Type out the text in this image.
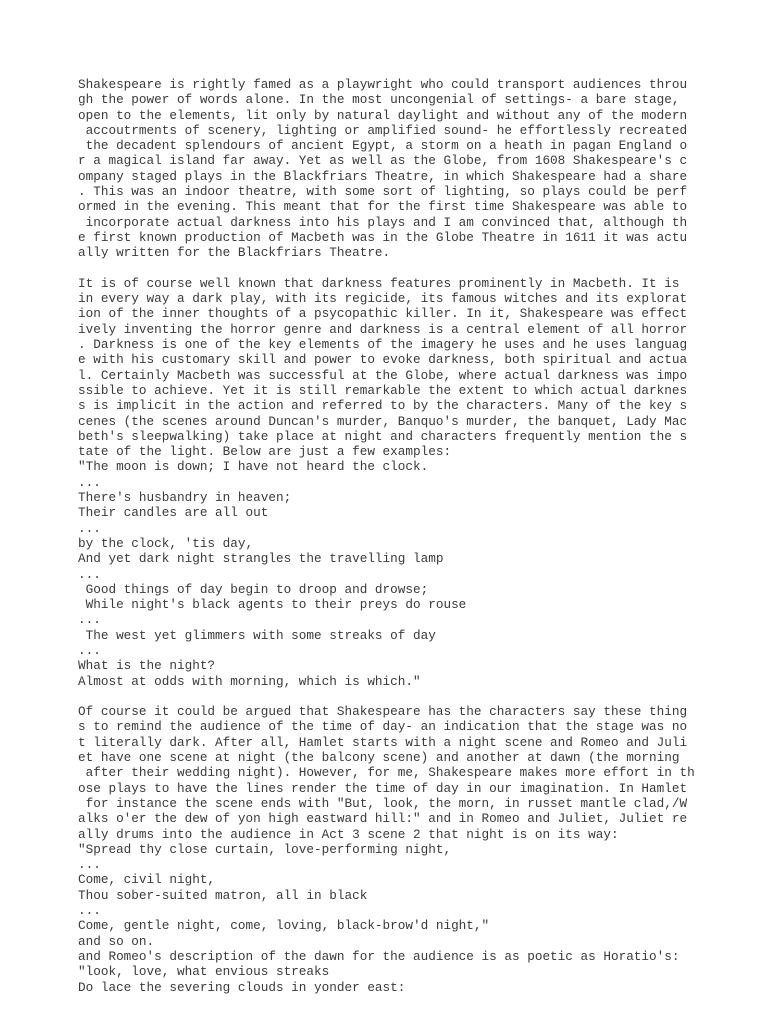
Shakespeare is rightly famed as a playwright who could transport audiences throu
gh the power of words alone. In the most uncongenial of settings- a bare stage,
open to the elements, lit only by natural daylight and without any of the modern
accoutrments of scenery, lighting or amplified sound- he effortlessly recreated
the decadent splendours of ancient Egypt, a storm on a heath in pagan England o
r a magical island far away. Yet as well as the Globe, from 1608 Shakespeare's c
ompany staged plays in the Blackfriars Theatre, in which Shakespeare had a share
. This was an indoor theatre, with some sort of lighting, so plays could be perf
ormed in the evening. This meant that for the first time Shakespeare was able to
incorporate actual darkness into his plays and I am convinced that, although th
e first known production of Macbeth was in the Globe Theatre in 1611 it was actu
ally written for the Blackfriars Theatre.
It is of course well known that darkness features prominently in Macbeth. It is
in every way a dark play, with its regicide, its famous witches and its explorat
ion of the inner thoughts of a psycopathic killer. In it, Shakespeare was effect
ively inventing the horror genre and darkness is a central element of all horror
. Darkness is one of the key elements of the imagery he uses and he uses languag
e with his customary skill and power to evoke darkness, both spiritual and actua
l. Certainly Macbeth was successful at the Globe, where actual darkness was impo
ssible to achieve. Yet it is still remarkable the extent to which actual darknes
s is implicit in the action and referred to by the characters. Many of the key s
cenes (the scenes around Duncan's murder, Banquo's murder, the banquet, Lady Mac
beth's sleepwalking) take place at night and characters frequently mention the s
tate of the light. Below are just a few examples:
"The moon is down; I have not heard the clock.
...
There's husbandry in heaven;
Their candles are all out
...
by the clock, 'tis day,
And yet dark night strangles the travelling lamp
...
Good things of day begin to droop and drowse;
While night's black agents to their preys do rouse
...
The west yet glimmers with some streaks of day
...
What is the night?
Almost at odds with morning, which is which."
Of course it could be argued that Shakespeare has the characters say these thing
s to remind the audience of the time of day- an indication that the stage was no
t literally dark. After all, Hamlet starts with a night scene and Romeo and Juli
et have one scene at night (the balcony scene) and another at dawn (the morning
after their wedding night). However, for me, Shakespeare makes more effort in th
ose plays to have the lines render the time of day in our imagination. In Hamlet
for instance the scene ends with "But, look, the morn, in russet mantle clad,/W
alks o'er the dew of yon high eastward hill:" and in Romeo and Juliet, Juliet re
ally drums into the audience in Act 3 scene 2 that night is on its way:
"Spread thy close curtain, love-performing night,
...
Come, civil night,
Thou sober-suited matron, all in black
...
Come, gentle night, come, loving, black-brow'd night,"
and so on.
and Romeo's description of the dawn for the audience is as poetic as Horatio's:
"look, love, what envious streaks
Do lace the severing clouds in yonder east:
